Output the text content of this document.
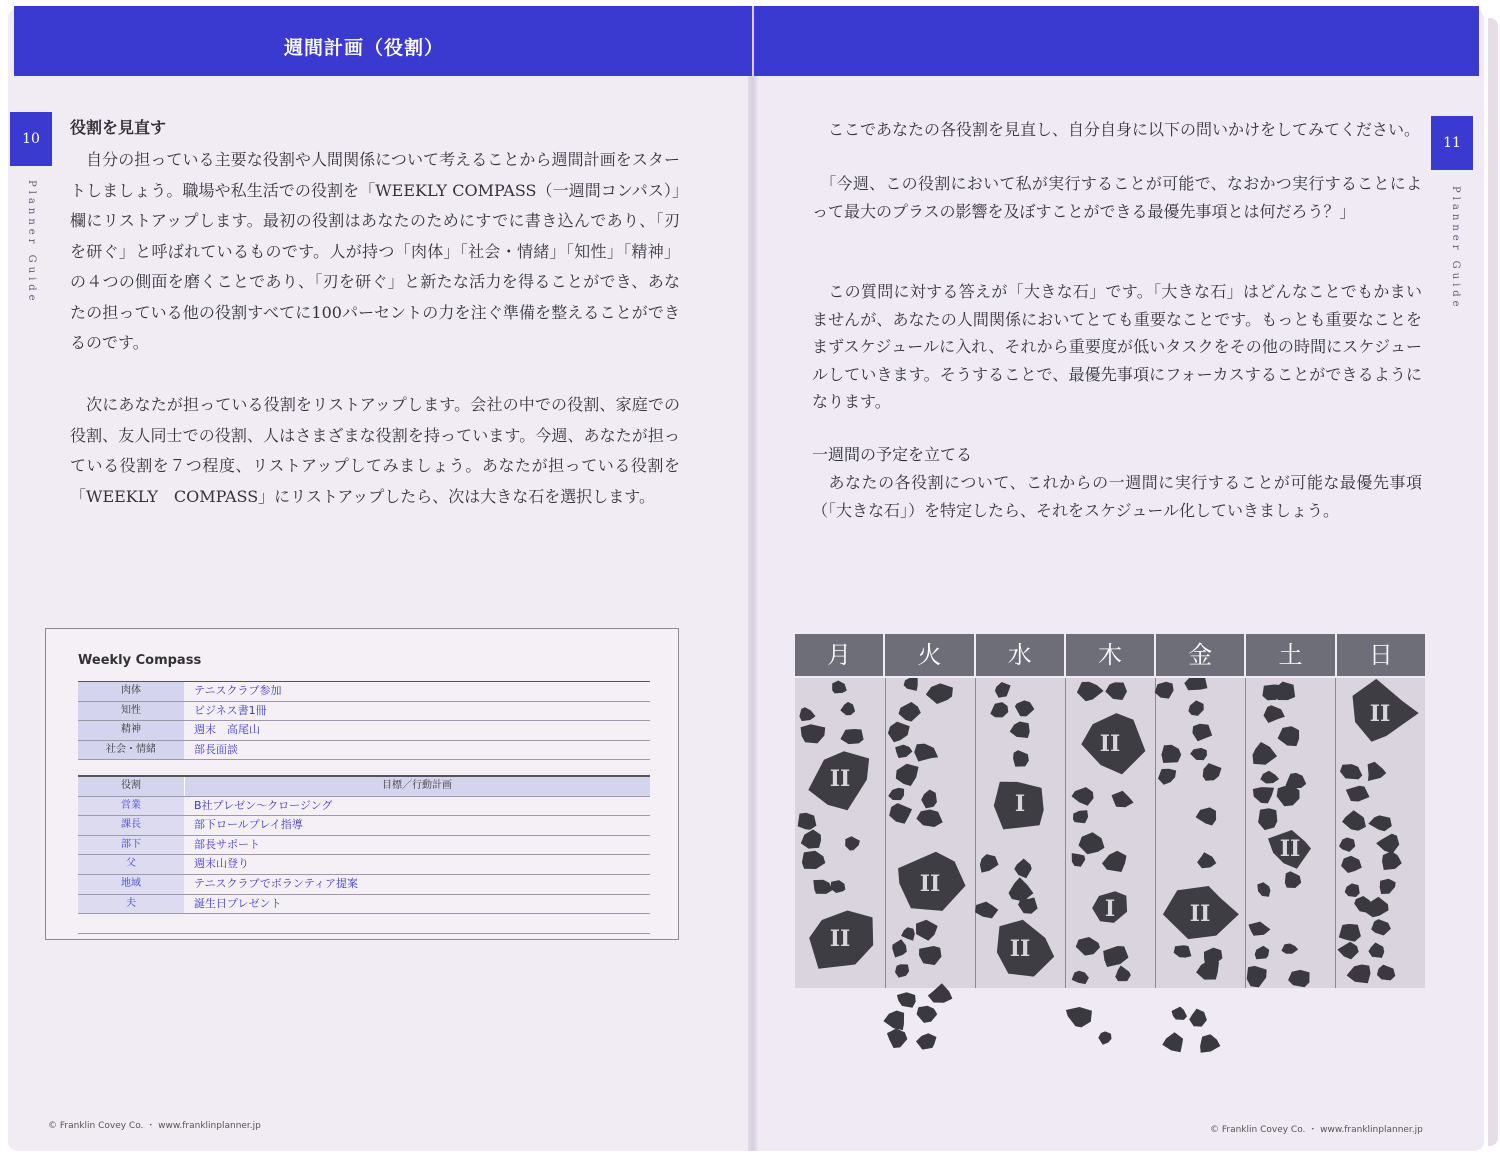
週間計画（役割）
10
Planner Guide
11
Planner Guide
役割を見直す

　自分の担っている主要な役割や人間関係について考えることから週間計画をスタートしましょう。職場や私生活での役割を「WEEKLY COMPASS（一週間コンパス）」欄にリストアップします。最初の役割はあなたのためにすでに書き込んであり、「刃を研ぐ」と呼ばれているものです。人が持つ「肉体」「社会・情緒」「知性」「精神」の４つの側面を磨くことであり、「刃を研ぐ」と新たな活力を得ることができ、あなたの担っている他の役割すべてに100パーセントの力を注ぐ準備を整えることができるのです。

　次にあなたが担っている役割をリストアップします。会社の中での役割、家庭での役割、友人同士での役割、人はさまざまな役割を持っています。今週、あなたが担っている役割を７つ程度、リストアップしてみましょう。あなたが担っている役割を「WEEKLY　COMPASS」にリストアップしたら、次は大きな石を選択します。

Weekly Compass
肉体	テニスクラブ参加
知性	ビジネス書1冊
精神	週末　高尾山
社会・情緒	部長面談
役割	目標／行動計画
営業	B社プレゼン～クロージング
課長	部下ロールプレイ指導
部下	部長サポート
父	週末山登り
地域	テニスクラブでボランティア提案
夫	誕生日プレゼント
© Franklin Covey Co. ・ www.franklinplanner.jp

　ここであなたの各役割を見直し、自分自身に以下の問いかけをしてみてください。

　「今週、この役割において私が実行することが可能で、なおかつ実行することによって最大のプラスの影響を及ぼすことができる最優先事項とは何だろう？」

　この質問に対する答えが「大きな石」です。「大きな石」はどんなことでもかまいませんが、あなたの人間関係においてとても重要なことです。もっとも重要なことをまずスケジュールに入れ、それから重要度が低いタスクをその他の時間にスケジュールしていきます。そうすることで、最優先事項にフォーカスすることができるようになります。

一週間の予定を立てる

　あなたの各役割について、これからの一週間に実行することが可能な最優先事項（「大きな石」）を特定したら、それをスケジュール化していきましょう。

月	火	水	木	金	土	日
II
II
II
I
II
II
I	II
II
II
© Franklin Covey Co. ・ www.franklinplanner.jp
